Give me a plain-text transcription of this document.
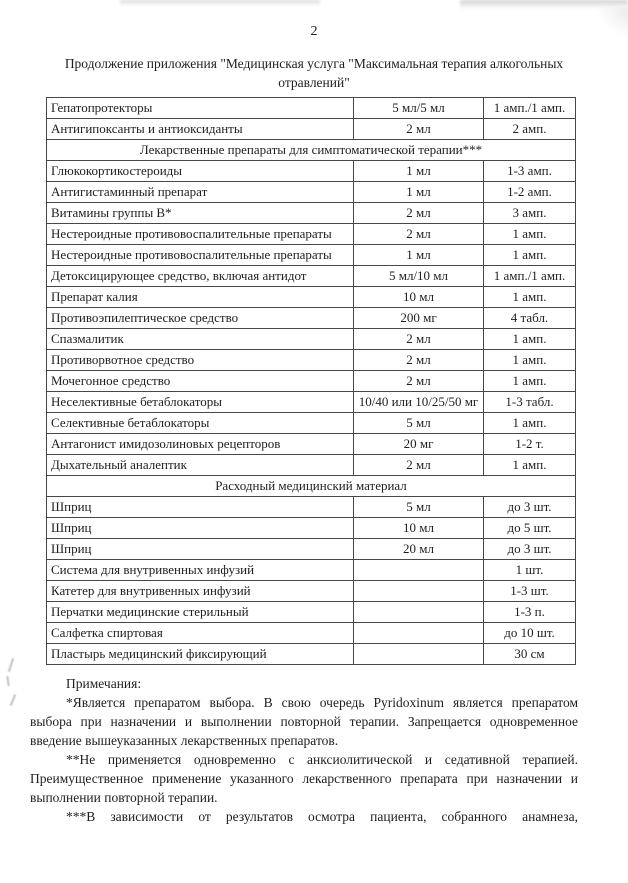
2
Продолжение приложения "Медицинская услуга "Максимальная терапия алкогольных отравлений"
Гепатопротекторы	5 мл/5 мл	1 амп./1 амп.
Антигипоксанты и антиоксиданты	2 мл	2 амп.
Лекарственные препараты для симптоматической терапии***		
Глюкокортикостероиды	1 мл	1-3 амп.
Антигистаминный препарат	1 мл	1-2 амп.
Витамины группы В*	2 мл	3 амп.
Нестероидные противовоспалительные препараты	2 мл	1 амп.
Нестероидные противовоспалительные препараты	1 мл	1 амп.
Детоксицирующее средство, включая антидот	5 мл/10 мл	1 амп./1 амп.
Препарат калия	10 мл	1 амп.
Противоэпилептическое средство	200 мг	4 табл.
Спазмалитик	2 мл	1 амп.
Противорвотное средство	2 мл	1 амп.
Мочегонное средство	2 мл	1 амп.
Неселективные бетаблокаторы	10/40 или 10/25/50 мг	1-3 табл.
Селективные бетаблокаторы	5 мл	1 амп.
Антагонист имидозолиновых рецепторов	20 мг	1-2 т.
Дыхательный аналептик	2 мл	1 амп.
Расходный медицинский материал		
Шприц	5 мл	до 3 шт.
Шприц	10 мл	до 5 шт.
Шприц	20 мл	до 3 шт.
Система для внутривенных инфузий		1 шт.
Катетер для внутривенных инфузий		1-3 шт.
Перчатки медицинские стерильный		1-3 п.
Салфетка спиртовая		до 10 шт.
Пластырь медицинский фиксирующий		30 см

Примечания:

*Является препаратом выбора. В свою очередь Pyridoxinum является препаратом выбора при назначении и выполнении повторной терапии. Запрещается одновременное введение вышеуказанных лекарственных препаратов.

**Не применяется одновременно с анксиолитической и седативной терапией. Преимущественное применение указанного лекарственного препарата при назначении и выполнении повторной терапии.

***В зависимости от результатов осмотра пациента, собранного анамнеза,
